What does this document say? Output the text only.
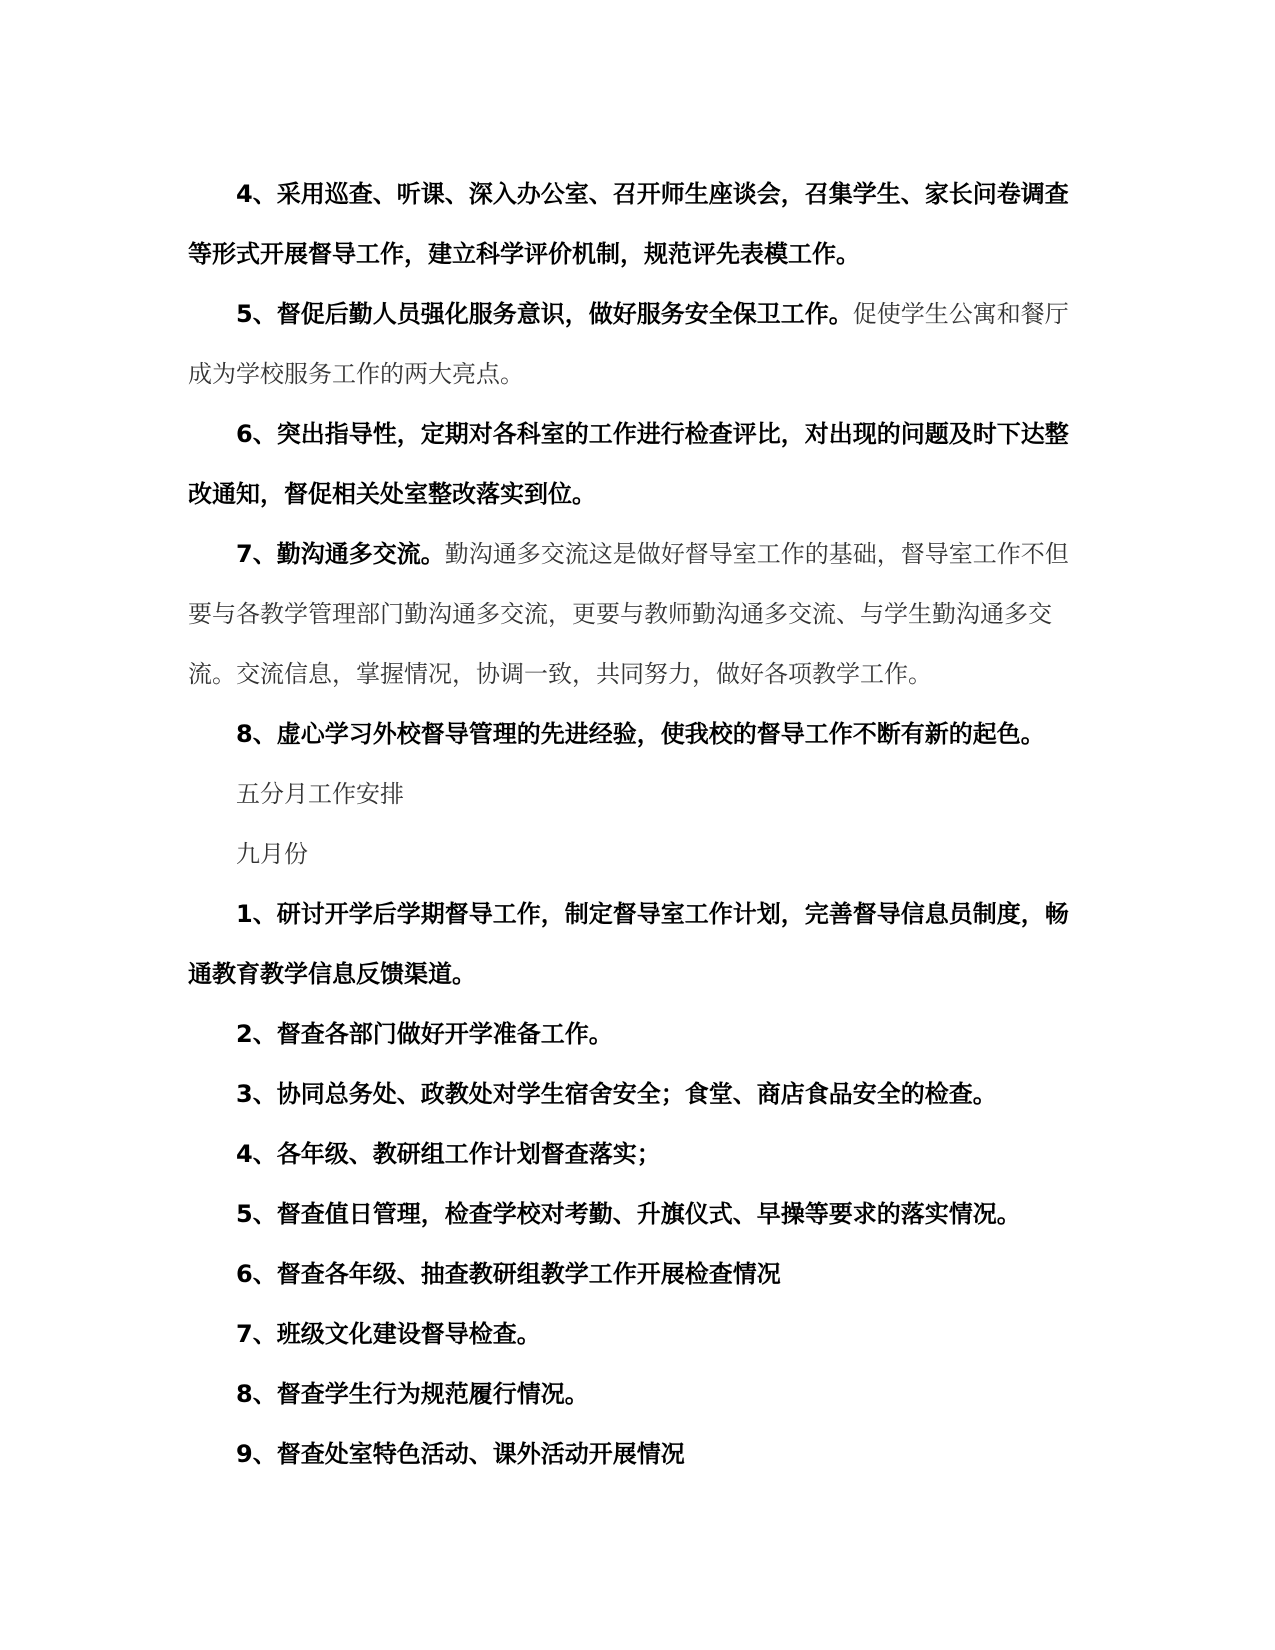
4、采用巡查、听课、深入办公室、召开师生座谈会，召集学生、家长问卷调查等形式开展督导工作，建立科学评价机制，规范评先表模工作。

5、督促后勤人员强化服务意识，做好服务安全保卫工作。促使学生公寓和餐厅成为学校服务工作的两大亮点。

6、突出指导性，定期对各科室的工作进行检查评比，对出现的问题及时下达整改通知，督促相关处室整改落实到位。

7、勤沟通多交流。勤沟通多交流这是做好督导室工作的基础，督导室工作不但要与各教学管理部门勤沟通多交流，更要与教师勤沟通多交流、与学生勤沟通多交流。交流信息，掌握情况，协调一致，共同努力，做好各项教学工作。

8、虚心学习外校督导管理的先进经验，使我校的督导工作不断有新的起色。

五分月工作安排

九月份

1、研讨开学后学期督导工作，制定督导室工作计划，完善督导信息员制度，畅通教育教学信息反馈渠道。

2、督查各部门做好开学准备工作。

3、协同总务处、政教处对学生宿舍安全；食堂、商店食品安全的检查。

4、各年级、教研组工作计划督查落实；

5、督查值日管理，检查学校对考勤、升旗仪式、早操等要求的落实情况。

6、督查各年级、抽查教研组教学工作开展检查情况

7、班级文化建设督导检查。

8、督查学生行为规范履行情况。

9、督查处室特色活动、课外活动开展情况
